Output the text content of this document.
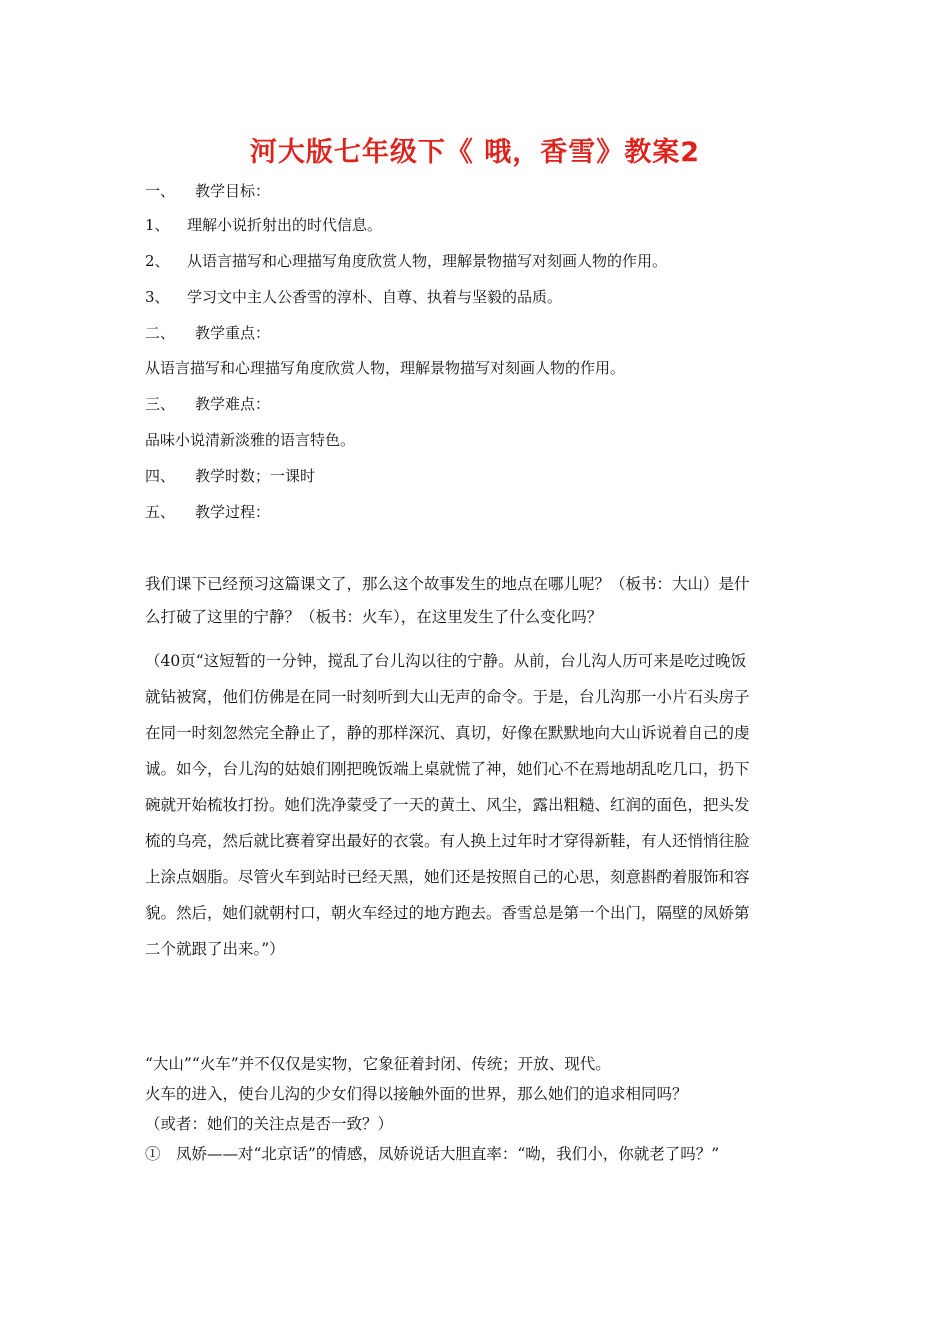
河大版七年级下《 哦，香雪》教案2
一、 教学目标：
1、 理解小说折射出的时代信息。
2、 从语言描写和心理描写角度欣赏人物，理解景物描写对刻画人物的作用。
3、 学习文中主人公香雪的淳朴、自尊、执着与坚毅的品质。
二、 教学重点：
从语言描写和心理描写角度欣赏人物，理解景物描写对刻画人物的作用。
三、 教学难点：
品味小说清新淡雅的语言特色。
四、 教学时数；一课时
五、 教学过程：
我们课下已经预习这篇课文了，那么这个故事发生的地点在哪儿呢？（板书：大山）是什
么打破了这里的宁静？（板书：火车），在这里发生了什么变化吗？
（40页“这短暂的一分钟，搅乱了台儿沟以往的宁静。从前，台儿沟人历可来是吃过晚饭
就钻被窝，他们仿佛是在同一时刻听到大山无声的命令。于是，台儿沟那一小片石头房子
在同一时刻忽然完全静止了，静的那样深沉、真切，好像在默默地向大山诉说着自己的虔
诚。如今，台儿沟的姑娘们刚把晚饭端上桌就慌了神，她们心不在焉地胡乱吃几口，扔下
碗就开始梳妆打扮。她们洗净蒙受了一天的黄土、风尘，露出粗糙、红润的面色，把头发
梳的乌亮，然后就比赛着穿出最好的衣裳。有人换上过年时才穿得新鞋，有人还悄悄往脸
上涂点姻脂。尽管火车到站时已经天黑，她们还是按照自己的心思，刻意斟酌着服饰和容
貌。然后，她们就朝村口，朝火车经过的地方跑去。香雪总是第一个出门，隔壁的凤娇第
二个就跟了出来。”）
“大山”“火车”并不仅仅是实物，它象征着封闭、传统；开放、现代。
火车的进入，使台儿沟的少女们得以接触外面的世界，那么她们的追求相同吗？
（或者：她们的关注点是否一致？）
①　凤娇——对“北京话”的情感，凤娇说话大胆直率：“呦，我们小，你就老了吗？”
